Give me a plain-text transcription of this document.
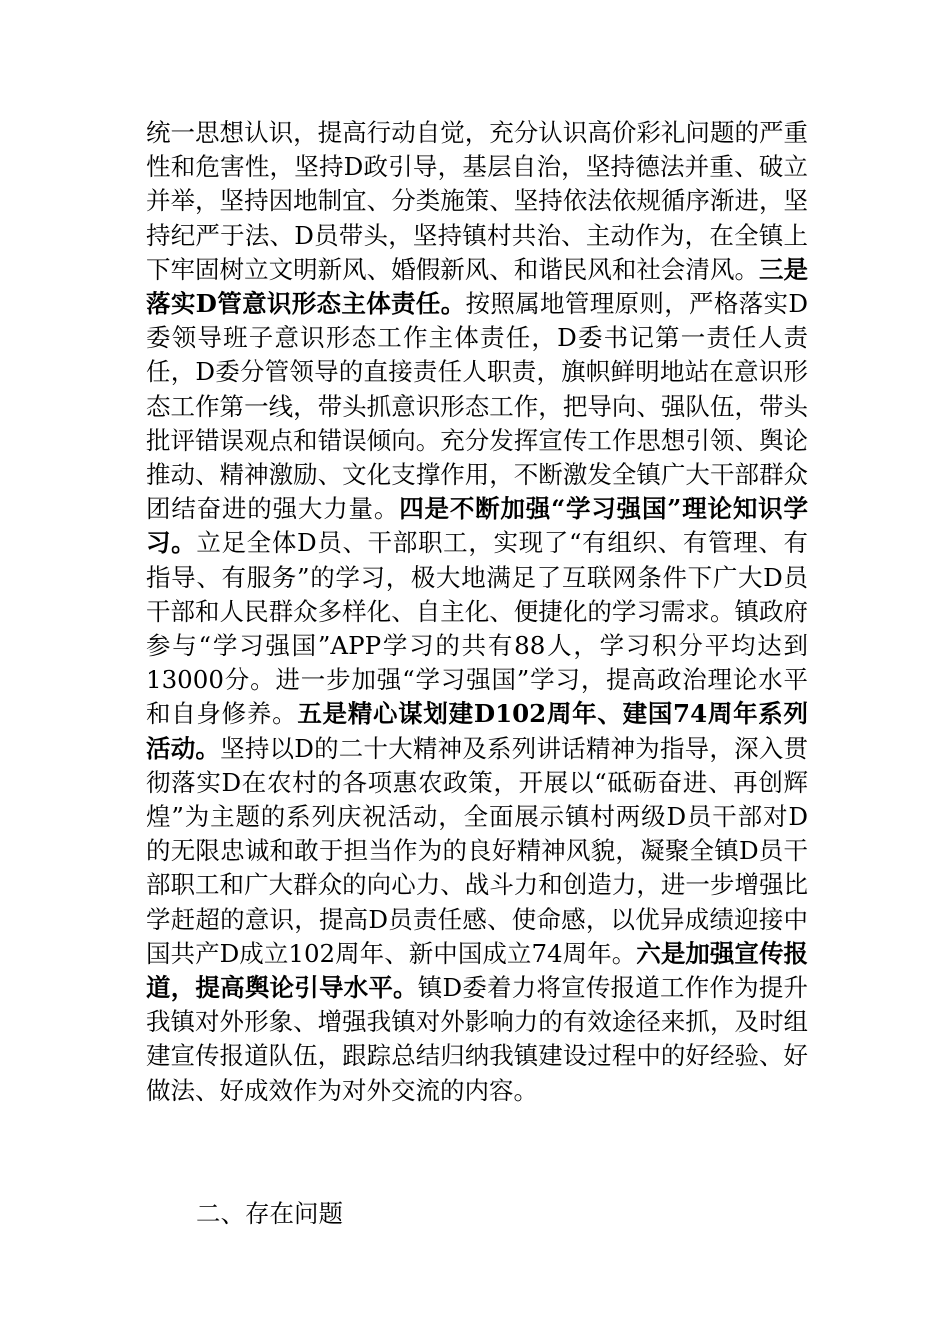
统一思想认识，提高行动自觉，充分认识高价彩礼问题的严重性和危害性，坚持D政引导，基层自治，坚持德法并重、破立并举，坚持因地制宜、分类施策、坚持依法依规循序渐进，坚持纪严于法、D员带头，坚持镇村共治、主动作为，在全镇上下牢固树立文明新风、婚假新风、和谐民风和社会清风。三是落实D管意识形态主体责任。按照属地管理原则，严格落实D委领导班子意识形态工作主体责任，D委书记第一责任人责任，D委分管领导的直接责任人职责，旗帜鲜明地站在意识形态工作第一线，带头抓意识形态工作，把导向、强队伍，带头批评错误观点和错误倾向。充分发挥宣传工作思想引领、舆论推动、精神激励、文化支撑作用，不断激发全镇广大干部群众团结奋进的强大力量。四是不断加强“学习强国”理论知识学习。立足全体D员、干部职工，实现了“有组织、有管理、有指导、有服务”的学习，极大地满足了互联网条件下广大D员干部和人民群众多样化、自主化、便捷化的学习需求。镇政府参与“学习强国”APP学习的共有88人，学习积分平均达到13000分。进一步加强“学习强国”学习，提高政治理论水平和自身修养。五是精心谋划建D102周年、建国74周年系列活动。坚持以D的二十大精神及系列讲话精神为指导，深入贯彻落实D在农村的各项惠农政策，开展以“砥砺奋进、再创辉煌”为主题的系列庆祝活动，全面展示镇村两级D员干部对D的无限忠诚和敢于担当作为的良好精神风貌，凝聚全镇D员干部职工和广大群众的向心力、战斗力和创造力，进一步增强比学赶超的意识，提高D员责任感、使命感，以优异成绩迎接中国共产D成立102周年、新中国成立74周年。六是加强宣传报道，提高舆论引导水平。镇D委着力将宣传报道工作作为提升我镇对外形象、增强我镇对外影响力的有效途径来抓，及时组建宣传报道队伍，跟踪总结归纳我镇建设过程中的好经验、好做法、好成效作为对外交流的内容。

二、存在问题
